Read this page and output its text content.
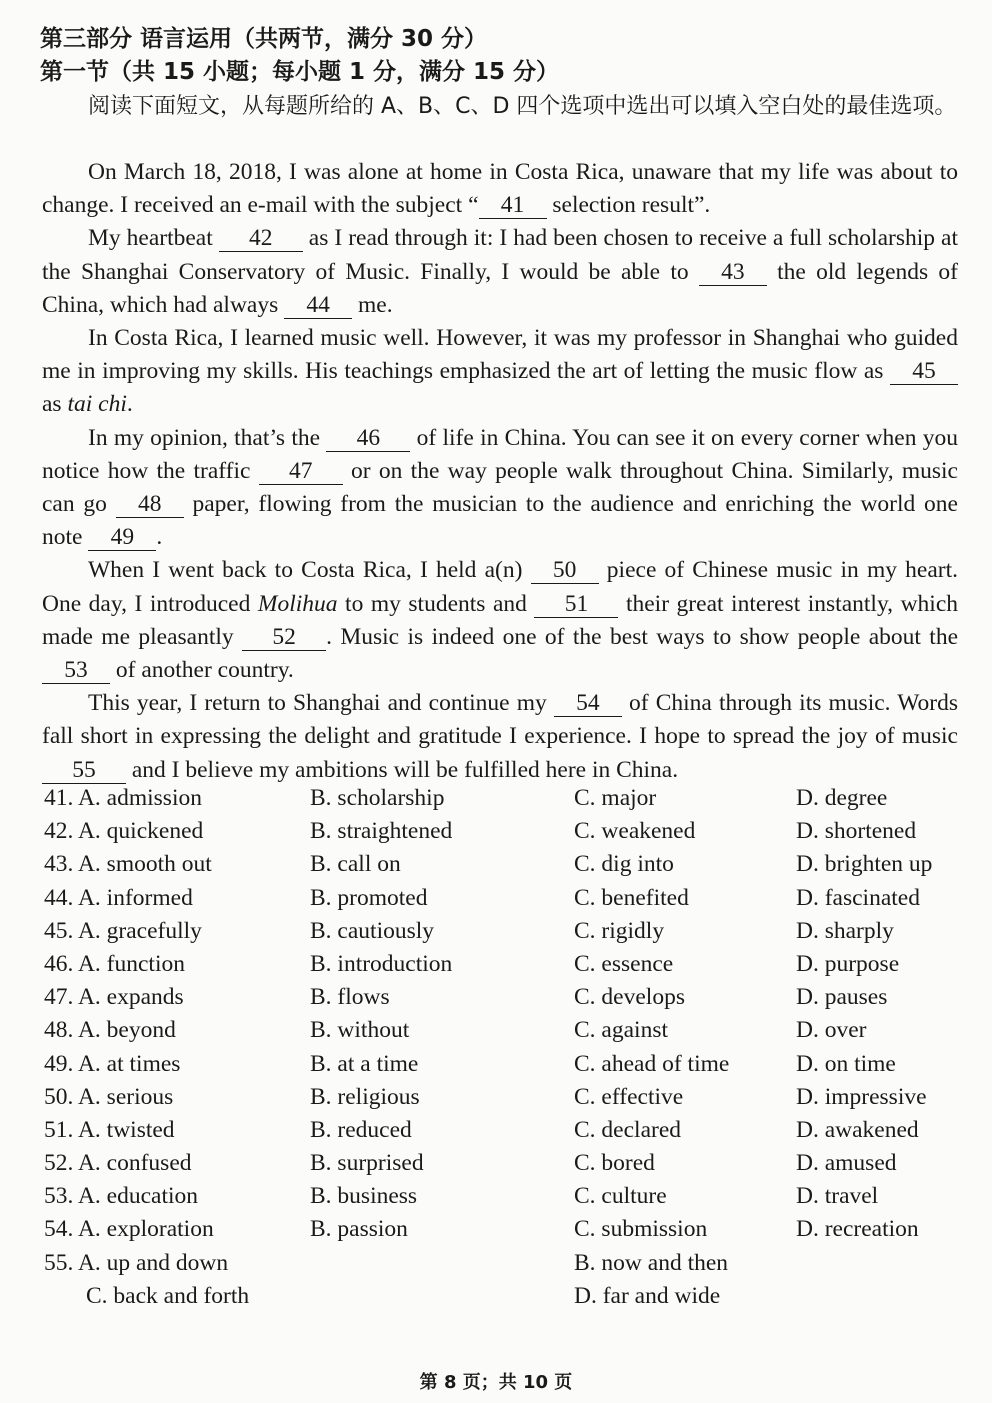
第三部分 语言运用（共两节，满分 30 分）
第一节（共 15 小题；每小题 1 分，满分 15 分）
阅读下面短文，从每题所给的 A、B、C、D 四个选项中选出可以填入空白处的最佳选项。

On March 18, 2018, I was alone at home in Costa Rica, unaware that my life was about to change. I received an e-mail with the subject “ 41 selection result”.

My heartbeat 42 as I read through it: I had been chosen to receive a full scholarship at the Shanghai Conservatory of Music. Finally, I would be able to 43 the old legends of China, which had always 44 me.

In Costa Rica, I learned music well. However, it was my professor in Shanghai who guided me in improving my skills. His teachings emphasized the art of letting the music flow as 45 as tai chi.

In my opinion, that’s the 46 of life in China. You can see it on every corner when you notice how the traffic 47 or on the way people walk throughout China. Similarly, music can go 48 paper, flowing from the musician to the audience and enriching the world one note 49 .

When I went back to Costa Rica, I held a(n) 50 piece of Chinese music in my heart. One day, I introduced Molihua to my students and 51 their great interest instantly, which made me pleasantly 52 . Music is indeed one of the best ways to show people about the 53 of another country.

This year, I return to Shanghai and continue my 54 of China through its music. Words fall short in expressing the delight and gratitude I experience. I hope to spread the joy of music 55 and I believe my ambitions will be fulfilled here in China.

41. A. admission	B. scholarship	C. major	D. degree
42. A. quickened	B. straightened	C. weakened	D. shortened
43. A. smooth out	B. call on	C. dig into	D. brighten up
44. A. informed	B. promoted	C. benefited	D. fascinated
45. A. gracefully	B. cautiously	C. rigidly	D. sharply
46. A. function	B. introduction	C. essence	D. purpose
47. A. expands	B. flows	C. develops	D. pauses
48. A. beyond	B. without	C. against	D. over
49. A. at times	B. at a time	C. ahead of time	D. on time
50. A. serious	B. religious	C. effective	D. impressive
51. A. twisted	B. reduced	C. declared	D. awakened
52. A. confused	B. surprised	C. bored	D. amused
53. A. education	B. business	C. culture	D. travel
54. A. exploration	B. passion	C. submission	D. recreation
55. A. up and down	B. now and then
C. back and forth	D. far and wide
第 8 页；共 10 页
